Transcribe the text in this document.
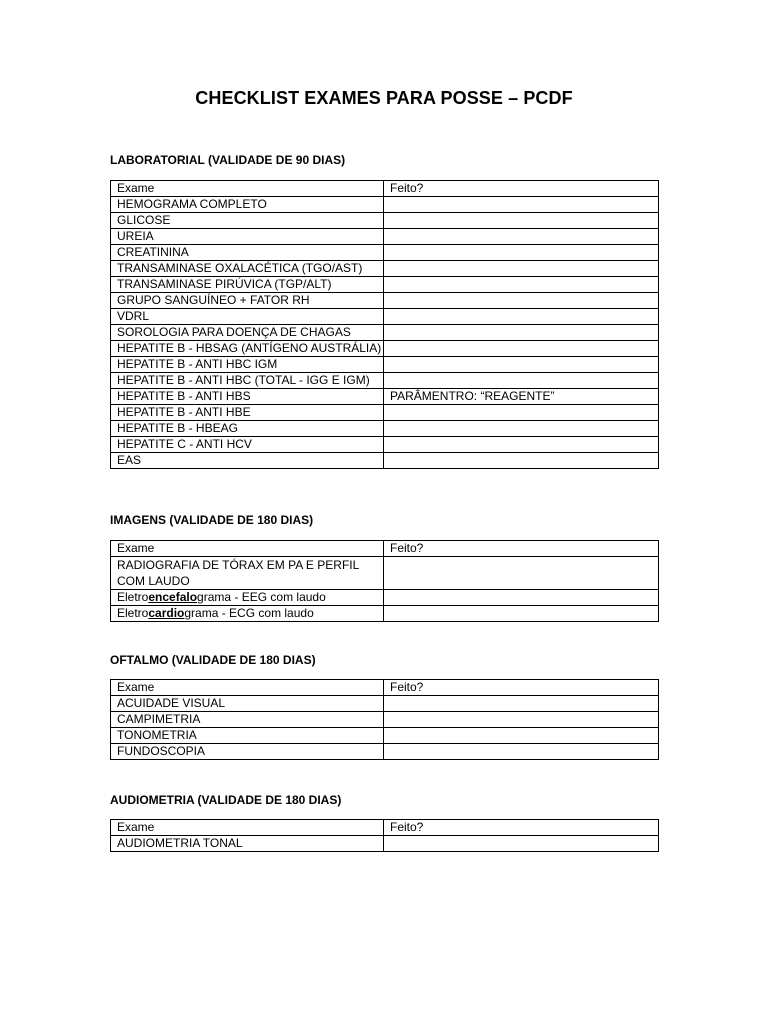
CHECKLIST EXAMES PARA POSSE – PCDF
LABORATORIAL (VALIDADE DE 90 DIAS)
Exame	Feito?
HEMOGRAMA COMPLETO	
GLICOSE	
UREIA	
CREATININA	
TRANSAMINASE OXALACÉTICA (TGO/AST)	
TRANSAMINASE PIRÚVICA (TGP/ALT)	
GRUPO SANGUÍNEO + FATOR RH	
VDRL	
SOROLOGIA PARA DOENÇA DE CHAGAS	
HEPATITE B - HBSAG (ANTÍGENO AUSTRÁLIA)	
HEPATITE B - ANTI HBC IGM	
HEPATITE B - ANTI HBC (TOTAL - IGG E IGM)	
HEPATITE B - ANTI HBS	PARÂMENTRO: “REAGENTE”
HEPATITE B - ANTI HBE	
HEPATITE B - HBEAG	
HEPATITE C - ANTI HCV	
EAS	
IMAGENS (VALIDADE DE 180 DIAS)
Exame	Feito?
RADIOGRAFIA DE TÓRAX EM PA E PERFIL COM LAUDO	
Eletroencefalograma - EEG com laudo	
Eletrocardiograma - ECG com laudo	
OFTALMO (VALIDADE DE 180 DIAS)
Exame	Feito?
ACUIDADE VISUAL	
CAMPIMETRIA	
TONOMETRIA	
FUNDOSCOPIA	
AUDIOMETRIA (VALIDADE DE 180 DIAS)
Exame	Feito?
AUDIOMETRIA TONAL	
